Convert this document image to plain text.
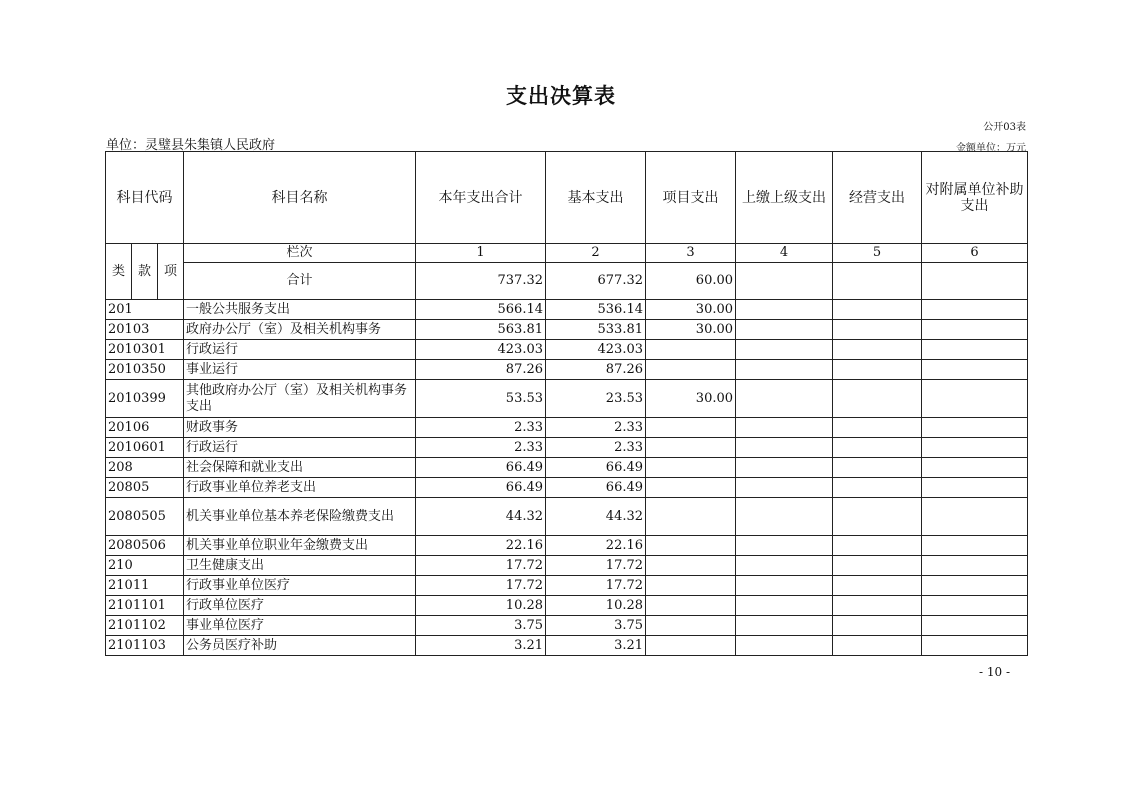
支出决算表
公开03表
单位：灵璧县朱集镇人民政府	金额单位：万元
科目代码			科目名称	本年支出合计	基本支出	项目支出	上缴上级支出	经营支出	对附属单位补助支出
类	款	项	栏次	1	2	3	4	5	6
			合计	737.32	677.32	60.00			
201			一般公共服务支出	566.14	536.14	30.00			
20103			政府办公厅（室）及相关机构事务	563.81	533.81	30.00			
2010301			行政运行	423.03	423.03				
2010350			事业运行	87.26	87.26				
2010399			其他政府办公厅（室）及相关机构事务支出	53.53	23.53	30.00			
20106			财政事务	2.33	2.33				
2010601			行政运行	2.33	2.33				
208			社会保障和就业支出	66.49	66.49				
20805			行政事业单位养老支出	66.49	66.49				
2080505			机关事业单位基本养老保险缴费支出	44.32	44.32				
2080506			机关事业单位职业年金缴费支出	22.16	22.16				
210			卫生健康支出	17.72	17.72				
21011			行政事业单位医疗	17.72	17.72				
2101101			行政单位医疗	10.28	10.28				
2101102			事业单位医疗	3.75	3.75				
2101103			公务员医疗补助	3.21	3.21				
- 10 -
